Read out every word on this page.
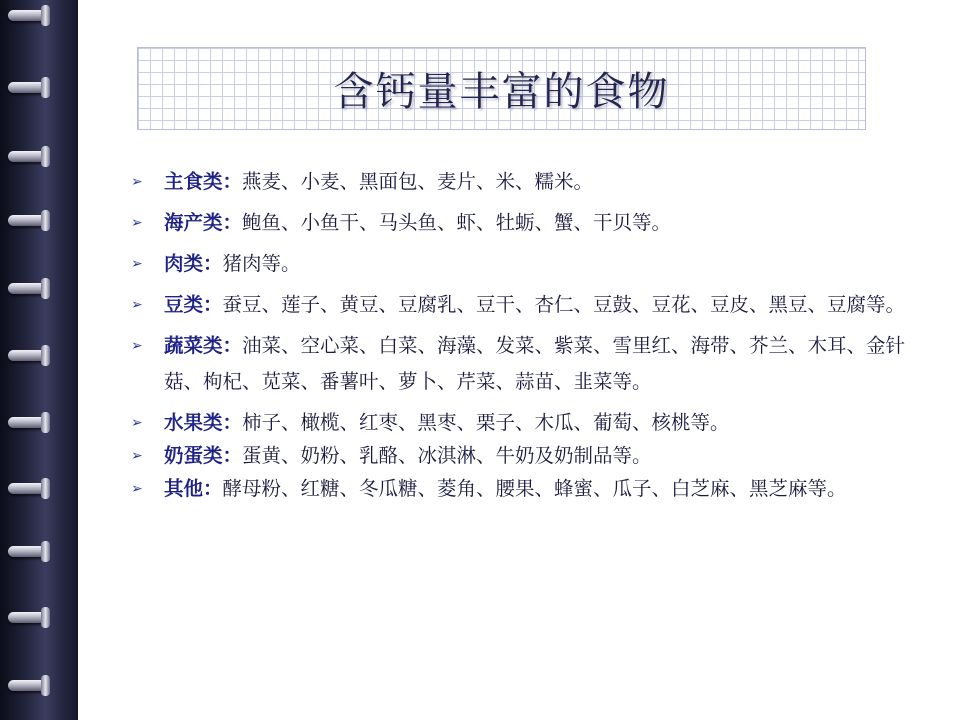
含钙量丰富的食物
➢ 主食类：燕麦、小麦、黑面包、麦片、米、糯米。
➢ 海产类：鲍鱼、小鱼干、马头鱼、虾、牡蛎、蟹、干贝等。
➢ 肉类：猪肉等。
➢ 豆类：蚕豆、莲子、黄豆、豆腐乳、豆干、杏仁、豆鼓、豆花、豆皮、黑豆、豆腐等。
➢ 蔬菜类：油菜、空心菜、白菜、海藻、发菜、紫菜、雪里红、海带、芥兰、木耳、金针菇、枸杞、苋菜、番薯叶、萝卜、芹菜、蒜苗、韭菜等。
➢ 水果类：柿子、橄榄、红枣、黑枣、栗子、木瓜、葡萄、核桃等。
➢ 奶蛋类：蛋黄、奶粉、乳酪、冰淇淋、牛奶及奶制品等。
➢ 其他：酵母粉、红糖、冬瓜糖、菱角、腰果、蜂蜜、瓜子、白芝麻、黑芝麻等。
